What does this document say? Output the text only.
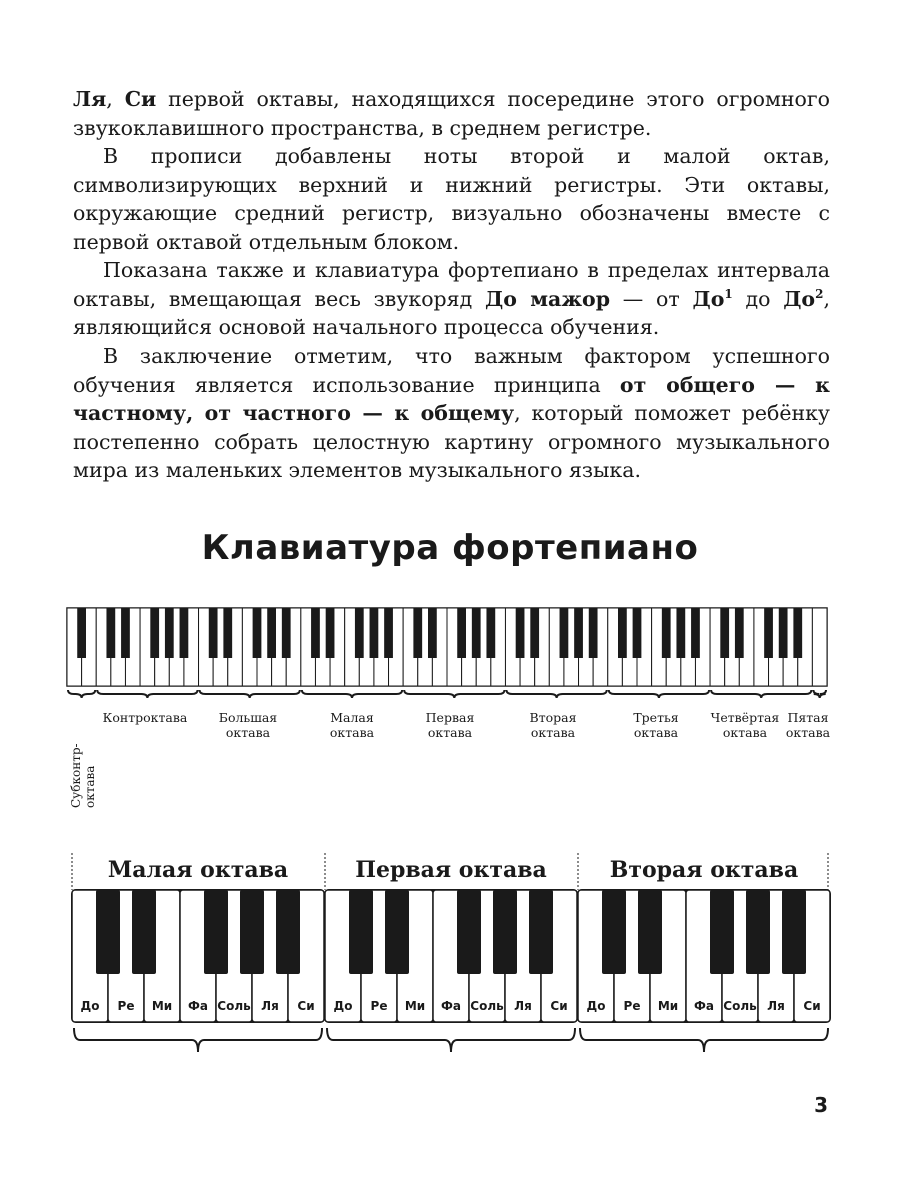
Ля, Си первой октавы, находящихся посередине этого огромного звукоклавишного пространства, в среднем регистре.

В прописи добавлены ноты второй и малой октав, символизирующих верхний и нижний регистры. Эти октавы, окружающие средний регистр, визуально обозначены вместе с первой октавой отдельным блоком.

Показана также и клавиатура фортепиано в пределах интервала октавы, вмещающая весь звукоряд До мажор — от $До^1$ до $До^2$, являющийся основой начального процесса обучения.

В заключение отметим, что важным фактором успешного обучения является использование принципа от общего — к частному, от частного — к общему, который поможет ребёнку постепенно собрать целостную картину огромного музыкального мира из маленьких элементов музыкального языка.

Клавиатура фортепиано
Контроктава	Большая октава
Малая октава
Первая октава
Вторая октава
Третья октава
Четвёртая октава
Пятая октава
Субконтр-октава
Малая октава
До Ре Ми Фа Соль Ля Си
Первая октава
До Ре Ми Фа Соль Ля Си
Вторая октава
До Ре Ми Фа Соль Ля Си
3
